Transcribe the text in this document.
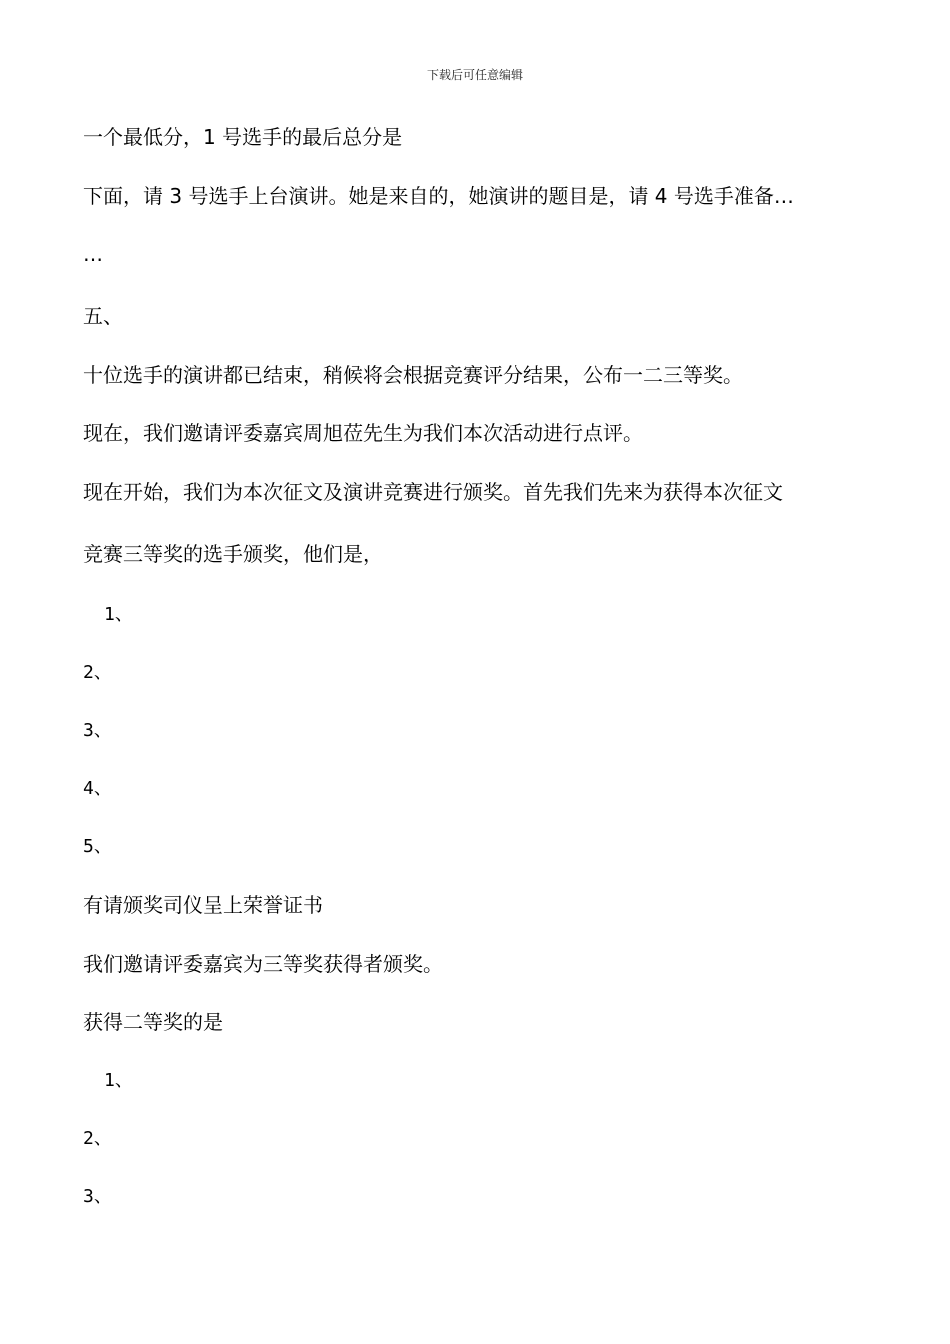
下载后可任意编辑
一个最低分，1 号选手的最后总分是
下面，请 3 号选手上台演讲。她是来自的，她演讲的题目是，请 4 号选手准备…
…
五、
十位选手的演讲都已结束，稍候将会根据竞赛评分结果，公布一二三等奖。
现在，我们邀请评委嘉宾周旭莅先生为我们本次活动进行点评。
现在开始，我们为本次征文及演讲竞赛进行颁奖。首先我们先来为获得本次征文
竞赛三等奖的选手颁奖，他们是，
1、
2、
3、
4、
5、
有请颁奖司仪呈上荣誉证书
我们邀请评委嘉宾为三等奖获得者颁奖。
获得二等奖的是
1、
2、
3、
